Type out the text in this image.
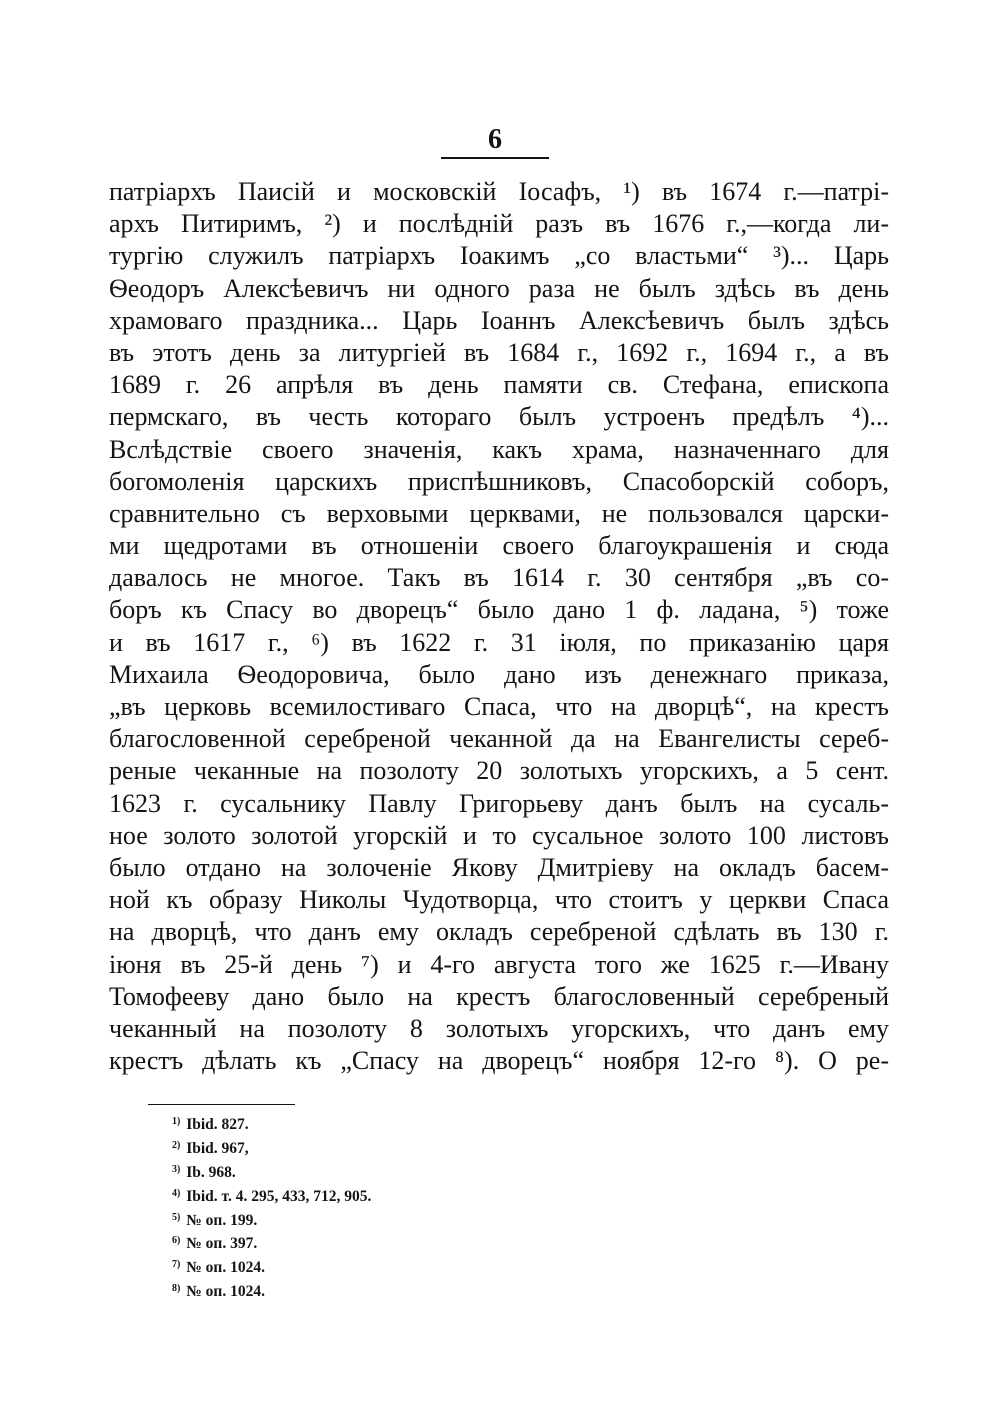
6
патріархъ Паисій и московскій Іосафъ, ¹) въ 1674 г.—патрі-
архъ Питиримъ, ²) и послѣдній разъ въ 1676 г.,—когда ли-
тургію служилъ патріархъ Іоакимъ „со властьми“ ³)... Царь
Ѳеодоръ Алексѣевичъ ни одного раза не былъ здѣсь въ день
храмоваго праздника... Царь Іоаннъ Алексѣевичъ былъ здѣсь
въ этотъ день за литургіей въ 1684 г., 1692 г., 1694 г., а въ
1689 г. 26 апрѣля въ день памяти св. Стефана, епископа
пермскаго, въ честь котораго былъ устроенъ предѣлъ ⁴)...
Вслѣдствіе своего значенія, какъ храма, назначеннаго для
богомоленія царскихъ приспѣшниковъ, Спасоборскій соборъ,
сравнительно съ верховыми церквами, не пользовался царски-
ми щедротами въ отношеніи своего благоукрашенія и сюда
давалось не многое. Такъ въ 1614 г. 30 сентября „въ со-
боръ къ Спасу во дворецъ“ было дано 1 ф. ладана, ⁵) тоже
и въ 1617 г., ⁶) въ 1622 г. 31 іюля, по приказанію царя
Михаила Ѳеодоровича, было дано изъ денежнаго приказа,
„въ церковь всемилостиваго Спаса, что на дворцѣ“, на крестъ
благословенной серебреной чеканной да на Евангелисты сереб-
реные чеканные на позолоту 20 золотыхъ угорскихъ, а 5 сент.
1623 г. сусальнику Павлу Григорьеву данъ былъ на сусаль-
ное золото золотой угорскій и то сусальное золото 100 листовъ
было отдано на золоченіе Якову Дмитріеву на окладъ басем-
ной къ образу Николы Чудотворца, что стоитъ у церкви Спаса
на дворцѣ, что данъ ему окладъ серебреной сдѣлать въ 130 г.
іюня въ 25-й день ⁷) и 4-го августа того же 1625 г.—Ивану
Томофееву дано было на крестъ благословенный серебреный
чеканный на позолоту 8 золотыхъ угорскихъ, что данъ ему
крестъ дѣлать къ „Спасу на дворецъ“ ноября 12-го ⁸). О ре-
$^{1)}$ Ibid. 827.
$^{2)}$ Ibid. 967,
$^{3)}$ Ib. 968.
$^{4)}$ Ibid. т. 4. 295, 433, 712, 905.
$^{5)}$ № оп. 199.
$^{6)}$ № оп. 397.
$^{7)}$ № оп. 1024.
$^{8)}$ № оп. 1024.
